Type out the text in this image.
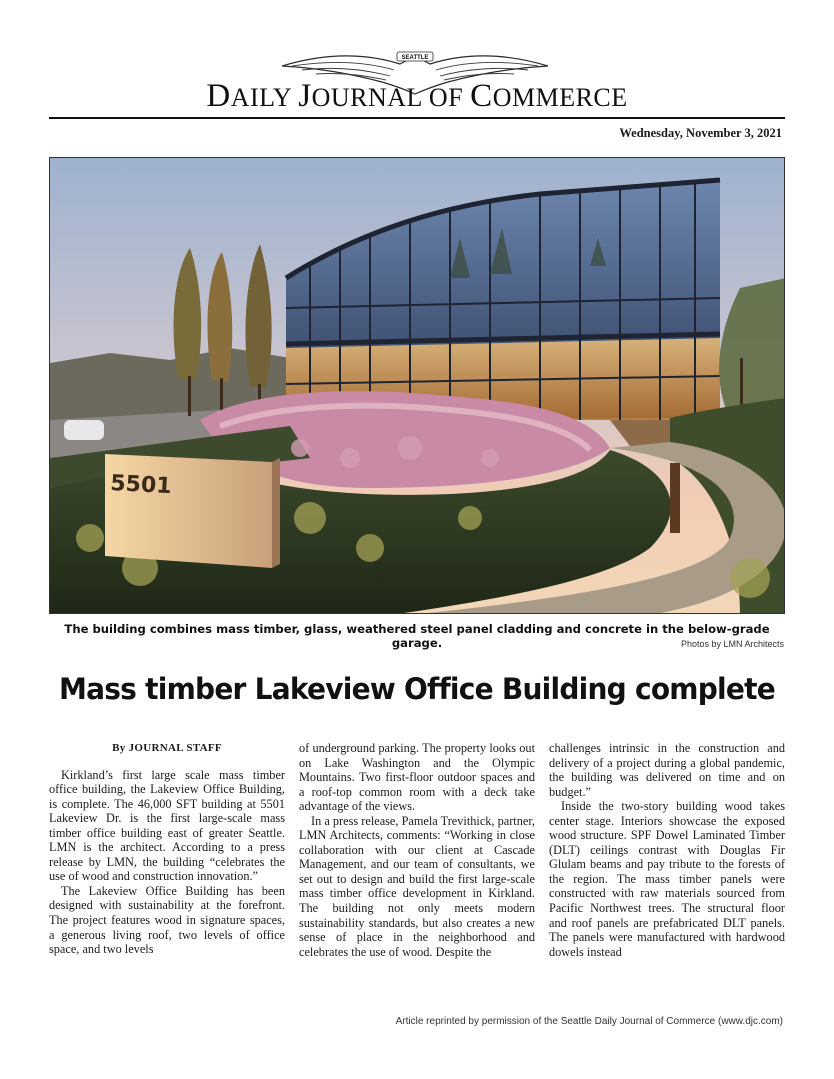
SEATTLE
DAILY JOURNAL OF COMMERCE
Wednesday, November 3, 2021
5501
The building combines mass timber, glass, weathered steel panel cladding and concrete in the below-grade garage.	Photos by LMN Architects
Mass timber Lakeview Office Building complete

By JOURNAL STAFF

Kirkland’s first large scale mass timber office building, the Lakeview Office Building, is complete. The 46,000 SFT building at 5501 Lakeview Dr. is the first large-scale mass timber office building east of greater Seattle. LMN is the architect. According to a press release by LMN, the building “celebrates the use of wood and construction innovation.”

The Lakeview Office Building has been designed with sustainability at the forefront. The project features wood in signature spaces, a generous living roof, two levels of office space, and two levels

of underground parking. The property looks out on Lake Washington and the Olympic Mountains. Two first-floor outdoor spaces and a roof-top common room with a deck take advantage of the views.

In a press release, Pamela Trevithick, partner, LMN Architects, comments: “Working in close collaboration with our client at Cascade Management, and our team of consultants, we set out to design and build the first large-scale mass timber office development in Kirkland. The building not only meets modern sustainability standards, but also creates a new sense of place in the neighborhood and celebrates the use of wood. Despite the

challenges intrinsic in the construction and delivery of a project during a global pandemic, the building was delivered on time and on budget.”

Inside the two-story building wood takes center stage. Interiors showcase the exposed wood structure. SPF Dowel Laminated Timber (DLT) ceilings contrast with Douglas Fir Glulam beams and pay tribute to the forests of the region. The mass timber panels were constructed with raw materials sourced from Pacific Northwest trees. The structural floor and roof panels are prefabricated DLT panels. The panels were manufactured with hardwood dowels instead

Article reprinted by permission of the Seattle Daily Journal of Commerce (www.djc.com)
